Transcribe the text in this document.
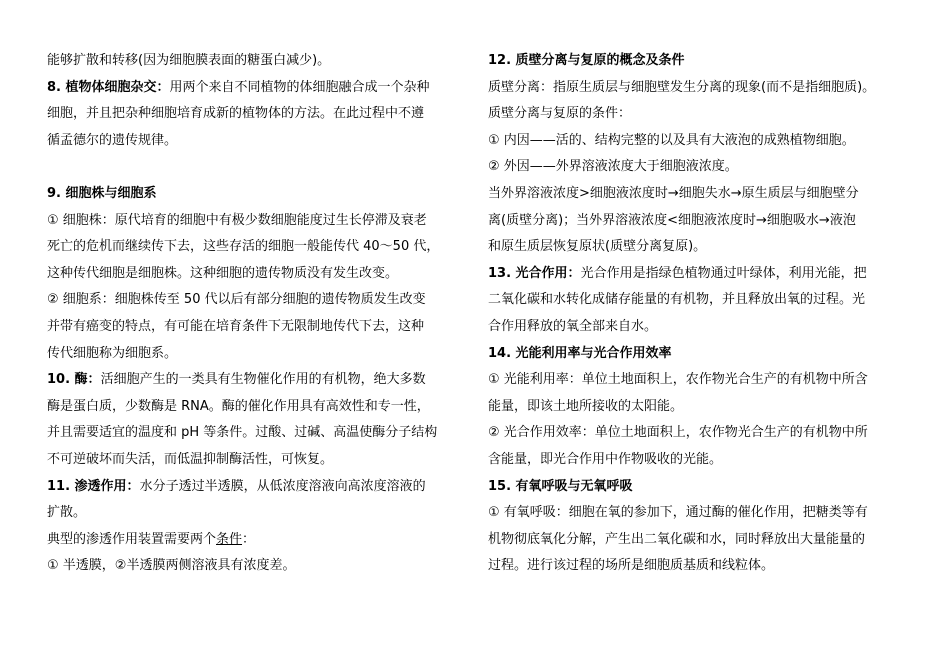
能够扩散和转移(因为细胞膜表面的糖蛋白减少)。
8. 植物体细胞杂交：用两个来自不同植物的体细胞融合成一个杂种
细胞，并且把杂种细胞培育成新的植物体的方法。在此过程中不遵
循孟德尔的遗传规律。
9. 细胞株与细胞系
① 细胞株：原代培育的细胞中有极少数细胞能度过生长停滞及衰老
死亡的危机而继续传下去，这些存活的细胞一般能传代 40～50 代，
这种传代细胞是细胞株。这种细胞的遗传物质没有发生改变。
② 细胞系：细胞株传至 50 代以后有部分细胞的遗传物质发生改变
并带有癌变的特点，有可能在培育条件下无限制地传代下去，这种
传代细胞称为细胞系。
10. 酶：活细胞产生的一类具有生物催化作用的有机物，绝大多数
酶是蛋白质，少数酶是 RNA。酶的催化作用具有高效性和专一性，
并且需要适宜的温度和 pH 等条件。过酸、过碱、高温使酶分子结构
不可逆破坏而失活，而低温抑制酶活性，可恢复。
11. 渗透作用：水分子透过半透膜，从低浓度溶液向高浓度溶液的
扩散。
典型的渗透作用装置需要两个条件：
① 半透膜，②半透膜两侧溶液具有浓度差。
12. 质壁分离与复原的概念及条件
质壁分离：指原生质层与细胞壁发生分离的现象(而不是指细胞质)。
质壁分离与复原的条件：
① 内因——活的、结构完整的以及具有大液泡的成熟植物细胞。
② 外因——外界溶液浓度大于细胞液浓度。
当外界溶液浓度>细胞液浓度时→细胞失水→原生质层与细胞壁分
离(质壁分离)；当外界溶液浓度<细胞液浓度时→细胞吸水→液泡
和原生质层恢复原状(质壁分离复原)。
13. 光合作用：光合作用是指绿色植物通过叶绿体，利用光能，把
二氧化碳和水转化成储存能量的有机物，并且释放出氧的过程。光
合作用释放的氧全部来自水。
14. 光能利用率与光合作用效率
① 光能利用率：单位土地面积上，农作物光合生产的有机物中所含
能量，即该土地所接收的太阳能。
② 光合作用效率：单位土地面积上，农作物光合生产的有机物中所
含能量，即光合作用中作物吸收的光能。
15. 有氧呼吸与无氧呼吸
① 有氧呼吸：细胞在氧的参加下，通过酶的催化作用，把糖类等有
机物彻底氧化分解，产生出二氧化碳和水，同时释放出大量能量的
过程。进行该过程的场所是细胞质基质和线粒体。
